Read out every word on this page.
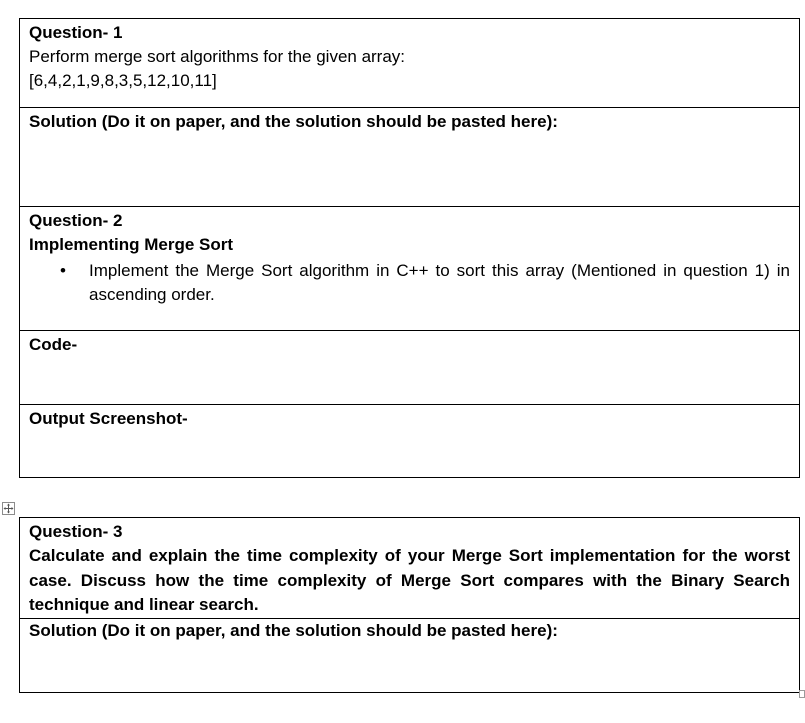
Question- 1
Perform merge sort algorithms for the given array:
[6,4,2,1,9,8,3,5,12,10,11]

Solution (Do it on paper, and the solution should be pasted here):

Question- 2
Implementing Merge Sort
• Implement the Merge Sort algorithm in C++ to sort this array (Mentioned in question 1) in ascending order.

Code-

Output Screenshot-
Question- 3
Calculate and explain the time complexity of your Merge Sort implementation for the worst case. Discuss how the time complexity of Merge Sort compares with the Binary Search technique and linear search.

Solution (Do it on paper, and the solution should be pasted here):
